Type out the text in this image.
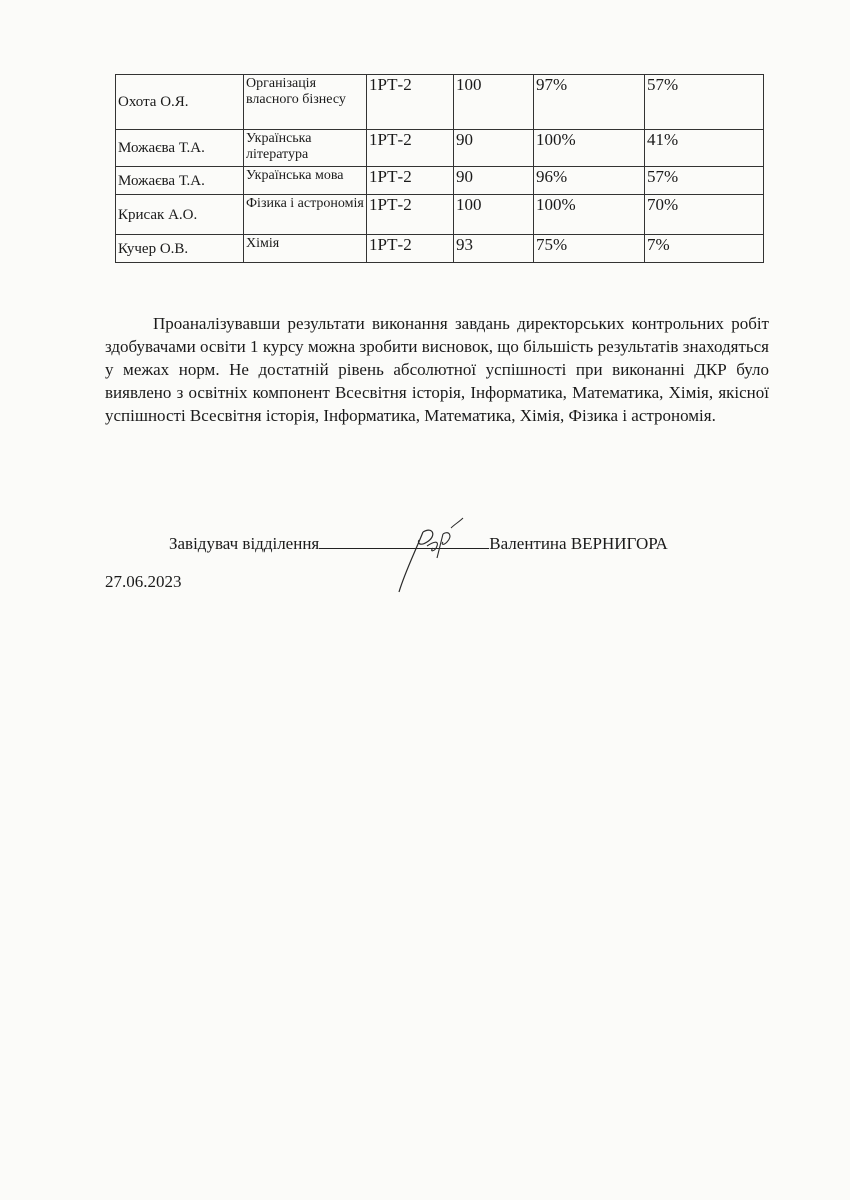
Охота О.Я.	Організація власного бізнесу	1РТ-2	100	97%	57%
Можаєва Т.А.	Українська література	1РТ-2	90	100%	41%
Можаєва Т.А.	Українська мова	1РТ-2	90	96%	57%
Крисак А.О.	Фізика і астрономія	1РТ-2	100	100%	70%
Кучер О.В.	Хімія	1РТ-2	93	75%	7%

Проаналізувавши результати виконання завдань директорських контрольних робіт здобувачами освіти 1 курсу можна зробити висновок, що більшість результатів знаходяться у межах норм. Не достатній рівень абсолютної успішності при виконанні ДКР було виявлено з освітніх компонент Всесвітня історія, Інформатика, Математика, Хімія, якісної успішності Всесвітня історія, Інформатика, Математика, Хімія, Фізика і астрономія.

Завідувач відділення	Валентина ВЕРНИГОРА
27.06.2023
